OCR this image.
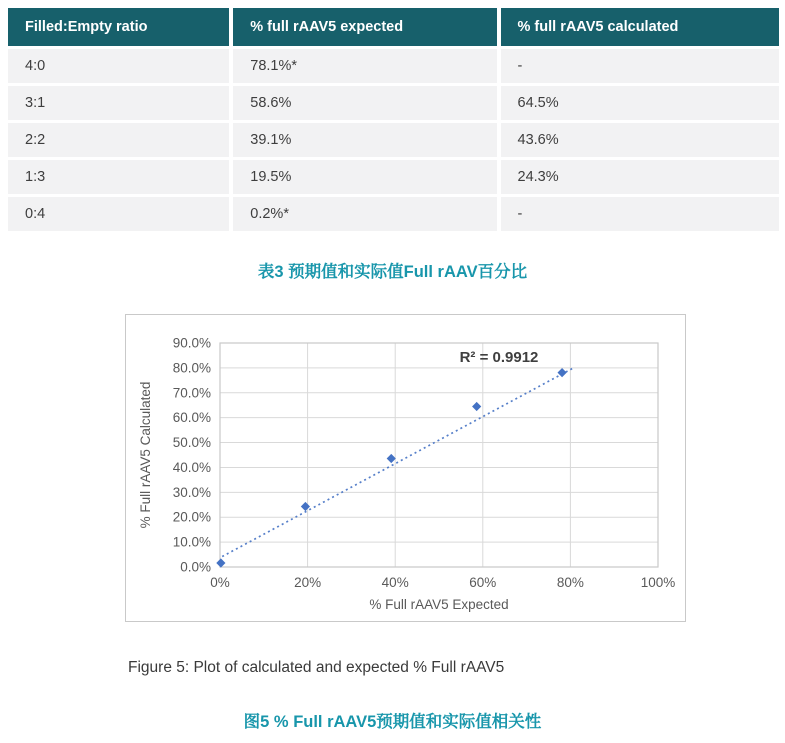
Filled:Empty ratio	% full rAAV5 expected	% full rAAV5 calculated
4:0	78.1%*	-
3:1	58.6%	64.5%
2:2	39.1%	43.6%
1:3	19.5%	24.3%
0:4	0.2%*	-
表3 预期值和实际值Full rAAV百分比
0%	20%	40%	60%	80%	100%
0.0%
10.0%
20.0%
30.0%
40.0%
50.0%
60.0%
70.0%
80.0%
90.0%
% Full rAAV5 Expected
% Full rAAV5 Calculated
R² = 0.9912
Figure 5: Plot of calculated and expected % Full rAAV5
图5 % Full rAAV5预期值和实际值相关性
